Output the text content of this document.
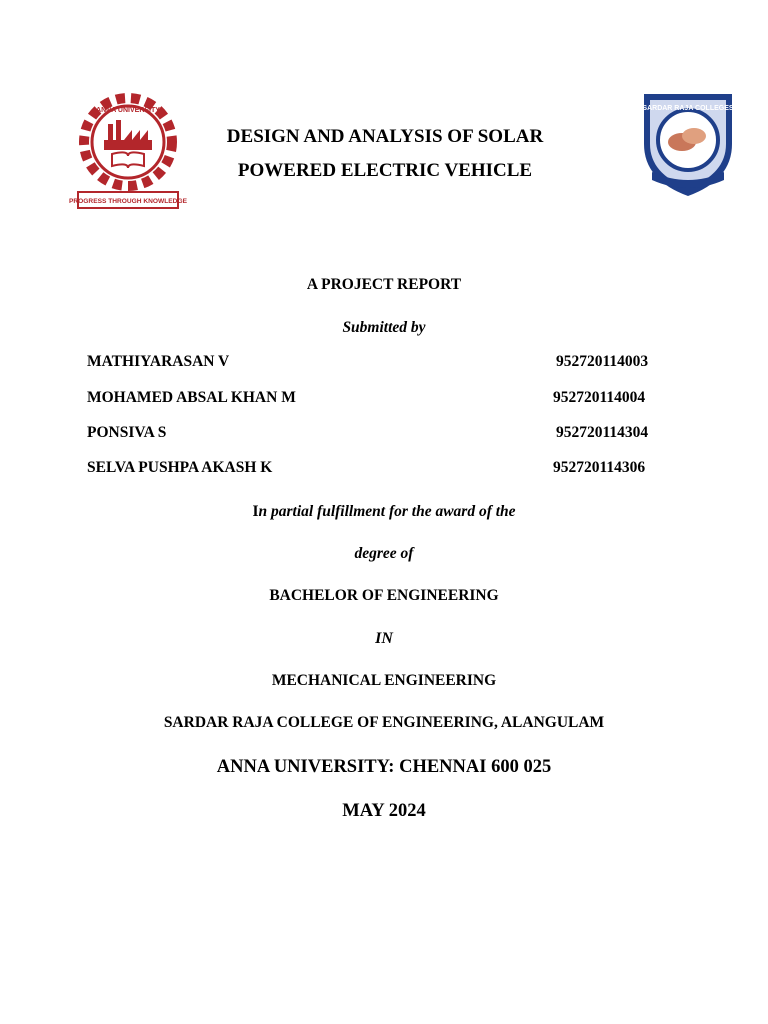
ANNA UNIVERSITY
PROGRESS THROUGH KNOWLEDGE
SARDAR RAJA COLLEGES
DESIGN AND ANALYSIS OF SOLAR
POWERED ELECTRIC VEHICLE
A PROJECT REPORT
Submitted by
MATHIYARASAN V	952720114003
MOHAMED ABSAL KHAN M	952720114004
PONSIVA S	952720114304
SELVA PUSHPA AKASH K	952720114306
In partial fulfillment for the award of the
degree of
BACHELOR OF ENGINEERING
IN
MECHANICAL ENGINEERING
SARDAR RAJA COLLEGE OF ENGINEERING, ALANGULAM
ANNA UNIVERSITY: CHENNAI 600 025
MAY 2024
